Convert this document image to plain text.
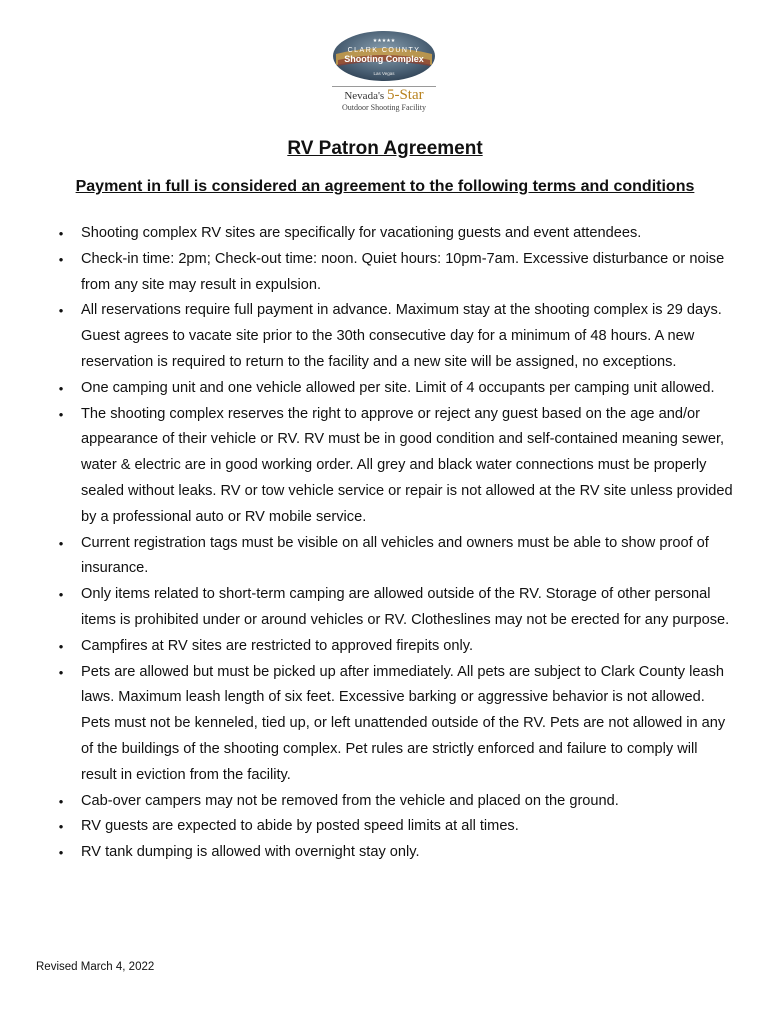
★★★★★
CLARK COUNTY
Shooting Complex
Las Vegas
Nevada's 5-Star
Outdoor Shooting Facility
RV Patron Agreement
Payment in full is considered an agreement to the following terms and conditions
• Shooting complex RV sites are specifically for vacationing guests and event attendees.
• Check-in time: 2pm; Check-out time: noon. Quiet hours: 10pm-7am. Excessive disturbance or noise from any site may result in expulsion.
• All reservations require full payment in advance. Maximum stay at the shooting complex is 29 days. Guest agrees to vacate site prior to the 30th consecutive day for a minimum of 48 hours. A new reservation is required to return to the facility and a new site will be assigned, no exceptions.
• One camping unit and one vehicle allowed per site. Limit of 4 occupants per camping unit allowed.
• The shooting complex reserves the right to approve or reject any guest based on the age and/or appearance of their vehicle or RV. RV must be in good condition and self-contained meaning sewer, water & electric are in good working order. All grey and black water connections must be properly sealed without leaks. RV or tow vehicle service or repair is not allowed at the RV site unless provided by a professional auto or RV mobile service.
• Current registration tags must be visible on all vehicles and owners must be able to show proof of insurance.
• Only items related to short-term camping are allowed outside of the RV. Storage of other personal items is prohibited under or around vehicles or RV. Clotheslines may not be erected for any purpose.
• Campfires at RV sites are restricted to approved firepits only.
• Pets are allowed but must be picked up after immediately. All pets are subject to Clark County leash laws. Maximum leash length of six feet. Excessive barking or aggressive behavior is not allowed. Pets must not be kenneled, tied up, or left unattended outside of the RV. Pets are not allowed in any of the buildings of the shooting complex. Pet rules are strictly enforced and failure to comply will result in eviction from the facility.
• Cab-over campers may not be removed from the vehicle and placed on the ground.
• RV guests are expected to abide by posted speed limits at all times.
• RV tank dumping is allowed with overnight stay only.

Revised March 4, 2022
